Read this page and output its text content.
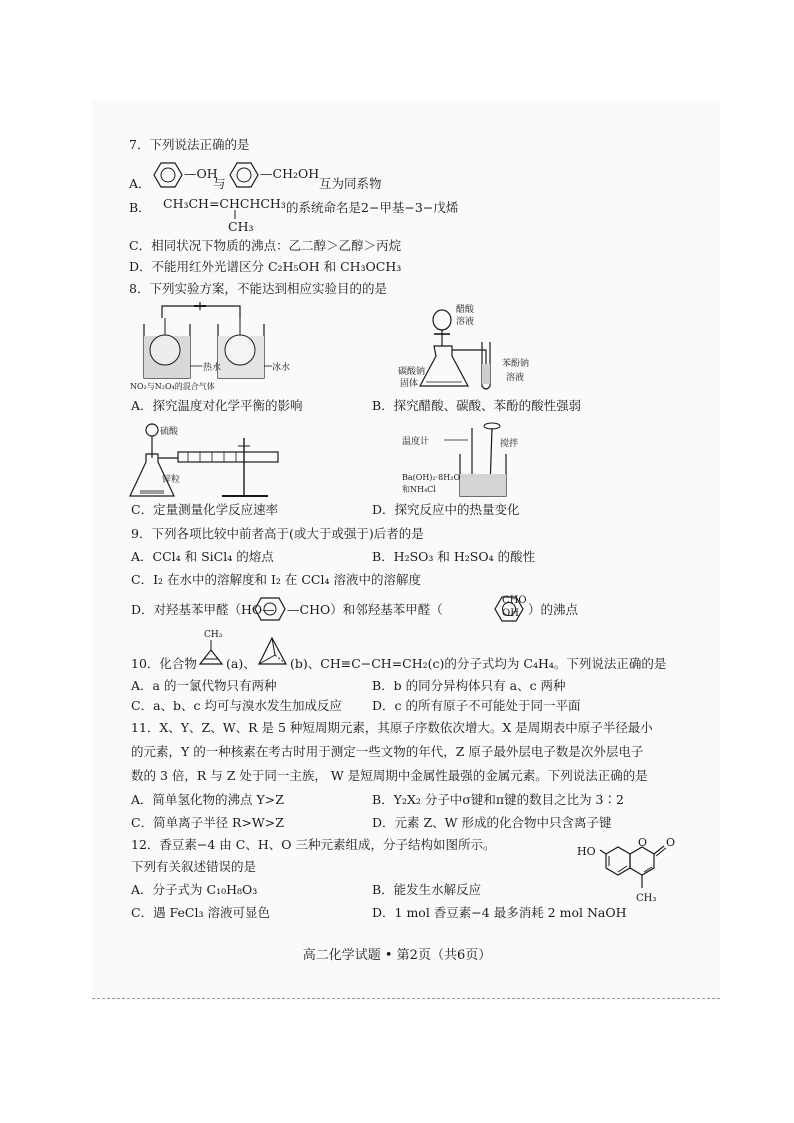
7．下列说法正确的是
A．
—OH
与
—CH₂OH
互为同系物
B． CH₃CH=CHCHCH₃
CH₃
的系统命名是2−甲基−3−戊烯
C．相同状况下物质的沸点：乙二醇＞乙醇＞丙烷
D．不能用红外光谱区分 C₂H₅OH 和 CH₃OCH₃
8．下列实验方案，不能达到相应实验目的的是
热水	冰水
NO₂与N₂O₄的混合气体
醋酸
溶液
碳酸钠
固体
苯酚钠
溶液
A．探究温度对化学平衡的影响	B．探究醋酸、碳酸、苯酚的酸性强弱
硫酸
锌粒
温度计	搅拌
Ba(OH)₂·8H₂O
和NH₄Cl
C．定量测量化学反应速率	D．探究反应中的热量变化
9．下列各项比较中前者高于(或大于或强于)后者的是
A．CCl₄ 和 SiCl₄ 的熔点	B．H₂SO₃ 和 H₂SO₄ 的酸性
C．I₂ 在水中的溶解度和 I₂ 在 CCl₄ 溶液中的溶解度
D．对羟基苯甲醛（HO— —CHO）和邻羟基苯甲醛（
CHO
OH ）的沸点
CH₃
10．化合物 (a)、	(b)、CH≡C−CH=CH₂(c)的分子式均为 C₄H₄。下列说法正确的是
A．a 的一氯代物只有两种	B．b 的同分异构体只有 a、c 两种
C．a、b、c 均可与溴水发生加成反应 D．c 的所有原子不可能处于同一平面
11．X、Y、Z、W、R 是 5 种短周期元素，其原子序数依次增大。X 是周期表中原子半径最小
的元素，Y 的一种核素在考古时用于测定一些文物的年代，Z 原子最外层电子数是次外层电子
数的 3 倍，R 与 Z 处于同一主族， W 是短周期中金属性最强的金属元素。下列说法正确的是
A．简单氢化物的沸点 Y>Z	B．Y₂X₂ 分子中σ键和π键的数目之比为 3∶2
C．简单离子半径 R>W>Z	D．元素 Z、W 形成的化合物中只含离子键
12．香豆素−4 由 C、H、O 三种元素组成，分子结构如图所示。
下列有关叙述错误的是
A．分子式为 C₁₀H₈O₃	B．能发生水解反应
C．遇 FeCl₃ 溶液可显色	D．1 mol 香豆素−4 最多消耗 2 mol NaOH
HO
O O
CH₃
高二化学试题 • 第2页（共6页）
